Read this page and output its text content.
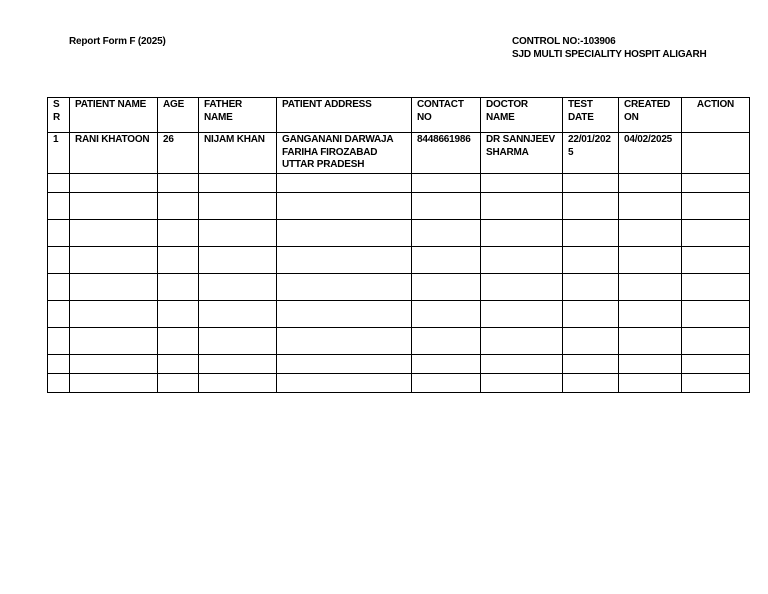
Report Form F (2025)	CONTROL NO:-103906
SJD MULTI SPECIALITY HOSPIT ALIGARH
SR	PATIENT NAME	AGE	FATHER NAME	PATIENT ADDRESS	CONTACT NO	DOCTOR NAME	TEST DATE	CREATED ON	ACTION
1	RANI KHATOON	26	NIJAM KHAN	GANGANANI DARWAJA FARIHA FIROZABAD UTTAR PRADESH	8448661986	DR SANNJEEV SHARMA	22/01/2025	04/02/2025	
